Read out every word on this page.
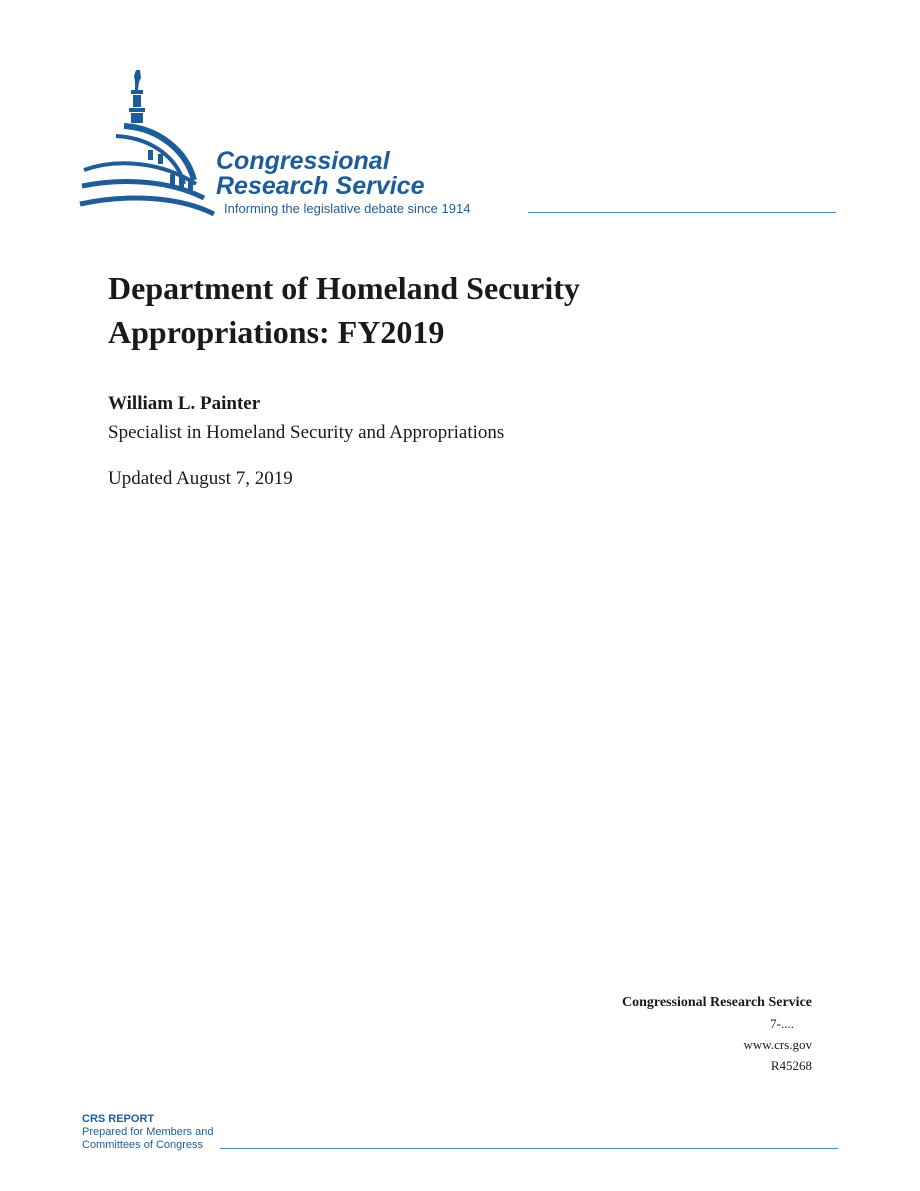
Congressional
Research Service
Informing the legislative debate since 1914
Department of Homeland Security
Appropriations: FY2019
William L. Painter
Specialist in Homeland Security and Appropriations
Updated August 7, 2019
Congressional Research Service
7-....
www.crs.gov
R45268
CRS REPORT
Prepared for Members and
Committees of Congress
